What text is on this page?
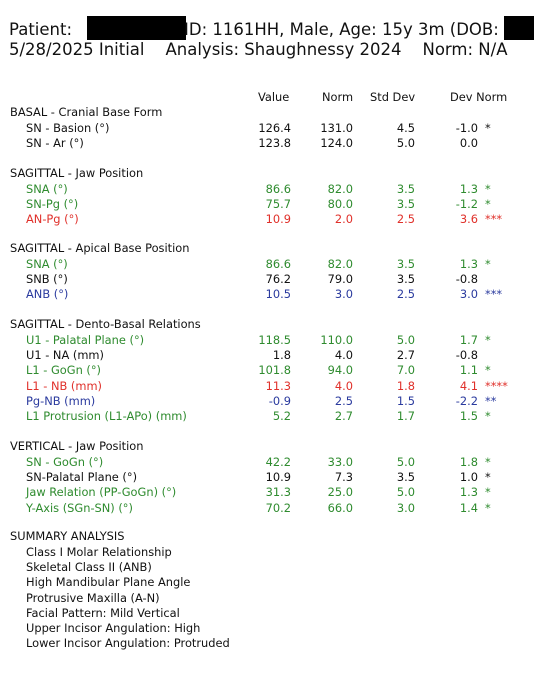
Patient:	ID: 1161HH, Male, Age: 15y 3m (DOB:
5/28/2025 Initial    Analysis: Shaughnessy 2024    Norm: N/A
Value	Norm Std Dev	Dev Norm
BASAL - Cranial Base Form
SN - Basion (°)	126.4	131.0	4.5	-1.0 *
SN - Ar (°)	123.8	124.0	5.0	0.0
SAGITTAL - Jaw Position
SNA (°)	86.6	82.0	3.5	1.3 *
SN-Pg (°)	75.7	80.0	3.5	-1.2 *
AN-Pg (°)	10.9	2.0	2.5	3.6 ***
SAGITTAL - Apical Base Position
SNA (°)	86.6	82.0	3.5	1.3 *
SNB (°)	76.2	79.0	3.5	-0.8
ANB (°)	10.5	3.0	2.5	3.0 ***
SAGITTAL - Dento-Basal Relations
U1 - Palatal Plane (°)	118.5	110.0	5.0	1.7 *
U1 - NA (mm)	1.8	4.0	2.7	-0.8
L1 - GoGn (°)	101.8	94.0	7.0	1.1 *
L1 - NB (mm)	11.3	4.0	1.8	4.1 ****
Pg-NB (mm)	-0.9	2.5	1.5	-2.2 **
L1 Protrusion (L1-APo) (mm)	5.2	2.7	1.7	1.5 *
VERTICAL - Jaw Position
SN - GoGn (°)	42.2	33.0	5.0	1.8 *
SN-Palatal Plane (°)	10.9	7.3	3.5	1.0 *
Jaw Relation (PP-GoGn) (°)	31.3	25.0	5.0	1.3 *
Y-Axis (SGn-SN) (°)	70.2	66.0	3.0	1.4 *
SUMMARY ANALYSIS
Class I Molar Relationship
Skeletal Class II (ANB)
High Mandibular Plane Angle
Protrusive Maxilla (A-N)
Facial Pattern: Mild Vertical
Upper Incisor Angulation: High
Lower Incisor Angulation: Protruded
